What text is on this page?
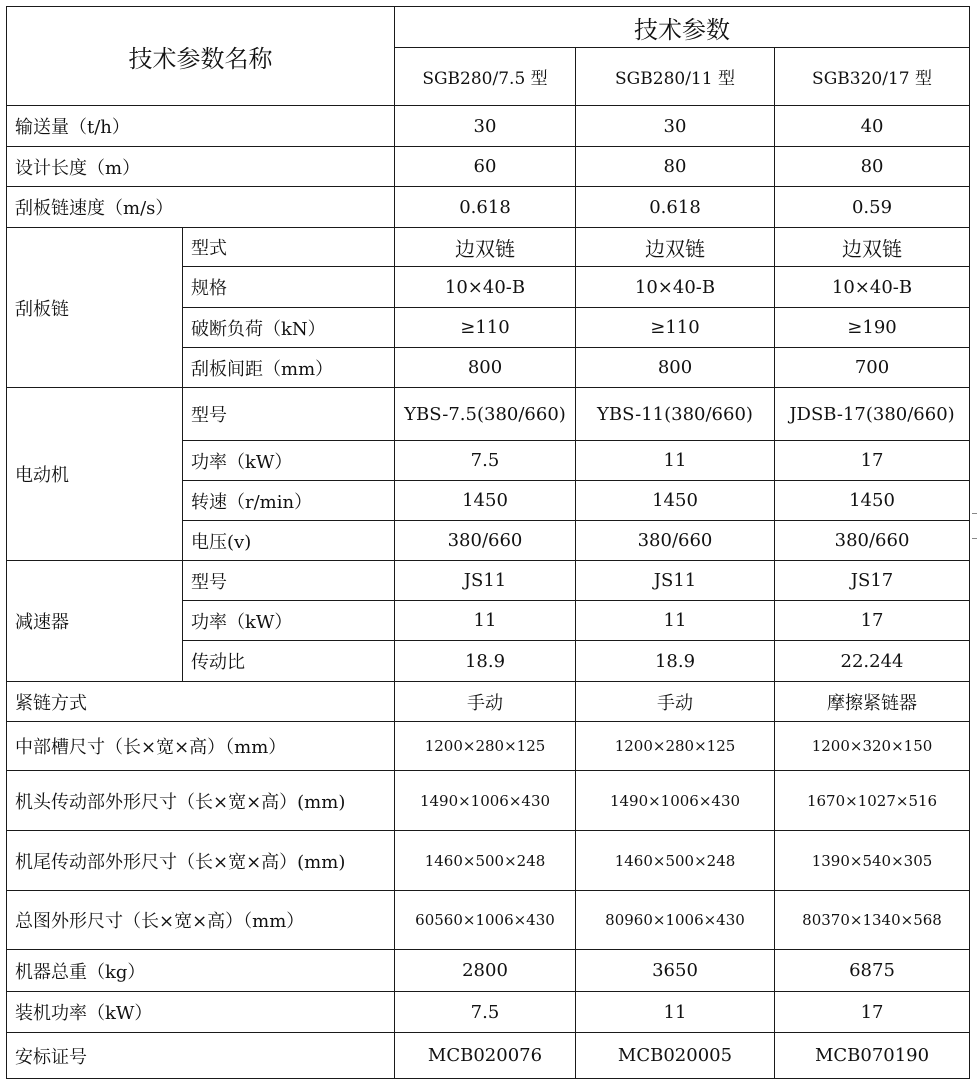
技术参数名称		技术参数		
		SGB280/7.5 型	SGB280/11 型	SGB320/17 型
输送量（t/h）		30	30	40
设计长度（m）		60	80	80
刮板链速度（m/s）		0.618	0.618	0.59
刮板链	型式	边双链	边双链	边双链
	规格	10×40-B	10×40-B	10×40-B
	破断负荷（kN）	≥110	≥110	≥190
	刮板间距（mm）	800	800	700
电动机	型号	YBS-7.5(380/660)	YBS-11(380/660)	JDSB-17(380/660)
	功率（kW）	7.5	11	17
	转速（r/min）	1450	1450	1450
	电压(v)	380/660	380/660	380/660
减速器	型号	JS11	JS11	JS17
	功率（kW）	11	11	17
	传动比	18.9	18.9	22.244
紧链方式		手动	手动	摩擦紧链器
中部槽尺寸（长×宽×高）（mm）		1200×280×125	1200×280×125	1200×320×150
机头传动部外形尺寸（长×宽×高）(mm)		1490×1006×430	1490×1006×430	1670×1027×516
机尾传动部外形尺寸（长×宽×高）(mm)		1460×500×248	1460×500×248	1390×540×305
总图外形尺寸（长×宽×高）（mm）		60560×1006×430	80960×1006×430	80370×1340×568
机器总重（kg）		2800	3650	6875
装机功率（kW）		7.5	11	17
安标证号		MCB020076	MCB020005	MCB070190
